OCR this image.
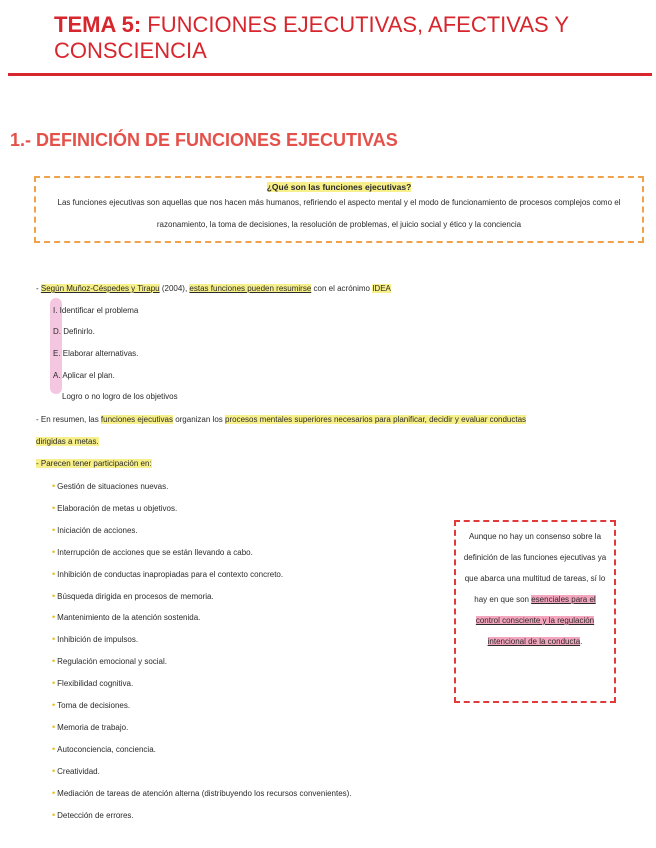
TEMA 5: FUNCIONES EJECUTIVAS, AFECTIVAS Y CONSCIENCIA
1.- DEFINICIÓN DE FUNCIONES EJECUTIVAS
¿Qué son las funciones ejecutivas?
Las funciones ejecutivas son aquellas que nos hacen más humanos, refiriendo el aspecto mental y el modo de funcionamiento de procesos complejos como el razonamiento, la toma de decisiones, la resolución de problemas, el juicio social y ético y la conciencia
- Según Muñoz-Céspedes y Tirapu (2004), estas funciones pueden resumirse con el acrónimo IDEA
I. Identificar el problema
D. Definirlo.
E. Elaborar alternativas.
A. Aplicar el plan.
Logro o no logro de los objetivos
- En resumen, las funciones ejecutivas organizan los procesos mentales superiores necesarios para planificar, decidir y evaluar conductas
dirigidas a metas.
- Parecen tener participación en:
• Gestión de situaciones nuevas.
• Elaboración de metas u objetivos.
• Iniciación de acciones.
• Interrupción de acciones que se están llevando a cabo.
• Inhibición de conductas inapropiadas para el contexto concreto.
• Búsqueda dirigida en procesos de memoria.
• Mantenimiento de la atención sostenida.
• Inhibición de impulsos.
• Regulación emocional y social.
• Flexibilidad cognitiva.
• Toma de decisiones.
• Memoria de trabajo.
• Autoconciencia, conciencia.
• Creatividad.
• Mediación de tareas de atención alterna (distribuyendo los recursos convenientes).
• Detección de errores.
Aunque no hay un consenso sobre la definición de las funciones ejecutivas ya que abarca una multitud de tareas, sí lo hay en que son esenciales para el control consciente y la regulación intencional de la conducta.
